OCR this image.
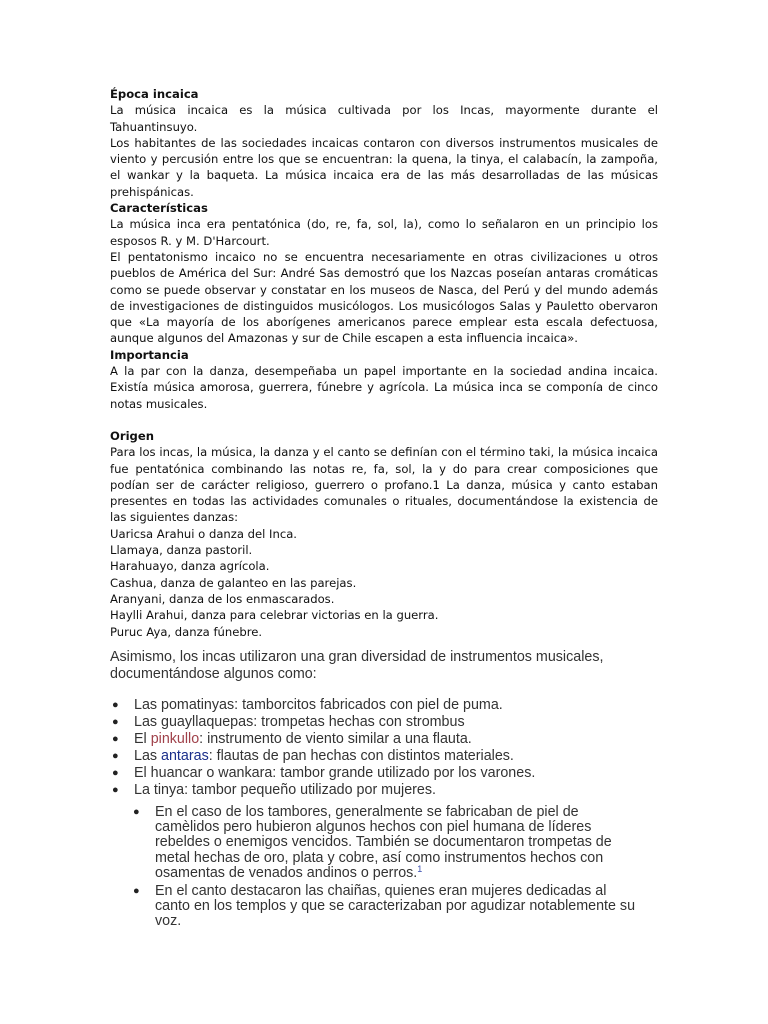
Época incaica

La música incaica es la música cultivada por los Incas, mayormente durante el Tahuantinsuyo.

Los habitantes de las sociedades incaicas contaron con diversos instrumentos musicales de viento y percusión entre los que se encuentran: la quena, la tinya, el calabacín, la zampoña, el wankar y la baqueta. La música incaica era de las más desarrolladas de las músicas prehispánicas.

Características

La música inca era pentatónica (do, re, fa, sol, la), como lo señalaron en un principio los esposos R. y M. D'Harcourt.

El pentatonismo incaico no se encuentra necesariamente en otras civilizaciones u otros pueblos de América del Sur: André Sas demostró que los Nazcas poseían antaras cromáticas como se puede observar y constatar en los museos de Nasca, del Perú y del mundo además de investigaciones de distinguidos musicólogos. Los musicólogos Salas y Pauletto obervaron que «La mayoría de los aborígenes americanos parece emplear esta escala defectuosa, aunque algunos del Amazonas y sur de Chile escapen a esta influencia incaica».

Importancia

A la par con la danza, desempeñaba un papel importante en la sociedad andina incaica. Existía música amorosa, guerrera, fúnebre y agrícola. La música inca se componía de cinco notas musicales.

Origen

Para los incas, la música, la danza y el canto se definían con el término taki, la música incaica fue pentatónica combinando las notas re, fa, sol, la y do para crear composiciones que podían ser de carácter religioso, guerrero o profano.1 La danza, música y canto estaban presentes en todas las actividades comunales o rituales, documentándose la existencia de las siguientes danzas:

Uaricsa Arahui o danza del Inca.

Llamaya, danza pastoril.

Harahuayo, danza agrícola.

Cashua, danza de galanteo en las parejas.

Aranyani, danza de los enmascarados.

Haylli Arahui, danza para celebrar victorias en la guerra.

Puruc Aya, danza fúnebre.

Asimismo, los incas utilizaron una gran diversidad de instrumentos musicales, documentándose algunos como:

● Las pomatinyas: tamborcitos fabricados con piel de puma.
● Las guayllaquepas: trompetas hechas con strombus
● El pinkullo: instrumento de viento similar a una flauta.
● Las antaras: flautas de pan hechas con distintos materiales.
● El huancar o wankara: tambor grande utilizado por los varones.
● La tinya: tambor pequeño utilizado por mujeres.
● En el caso de los tambores, generalmente se fabricaban de piel de camèlidos pero hubieron algunos hechos con piel humana de líderes rebeldes o enemigos vencidos. También se documentaron trompetas de metal hechas de oro, plata y cobre, así como instrumentos hechos con osamentas de venados andinos o perros.$^1$
● En el canto destacaron las chaiñas, quienes eran mujeres dedicadas al canto en los templos y que se caracterizaban por agudizar notablemente su voz.
